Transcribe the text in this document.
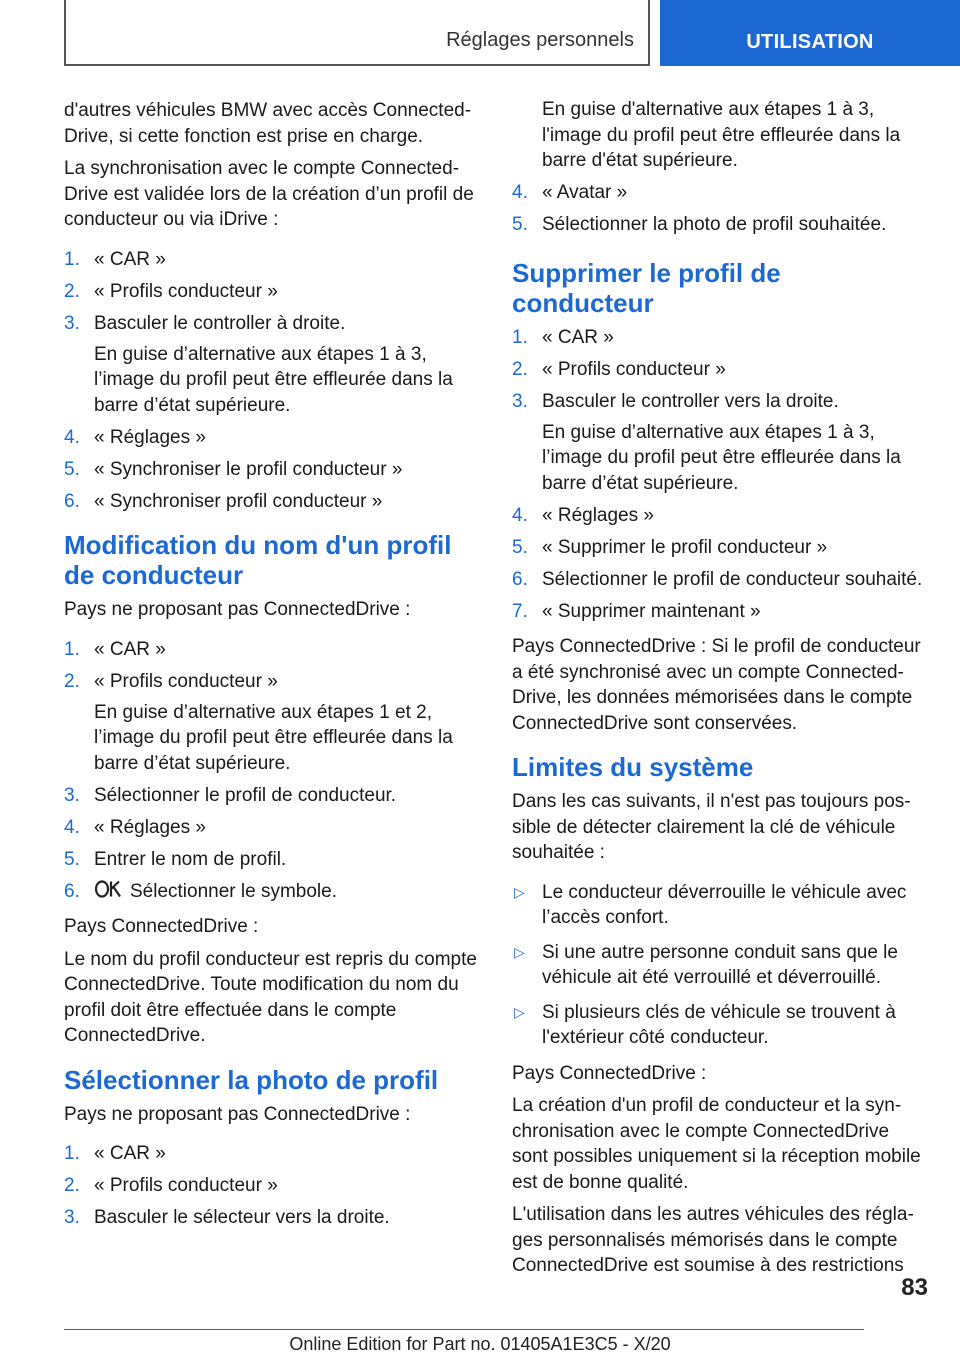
Réglages personnels	UTILISATION

d'autres véhicules BMW avec accès ConnectedDrive, si cette fonction est prise en charge.

La synchronisation avec le compte ConnectedDrive est validée lors de la création d’un profil de conducteur ou via iDrive :

1. « CAR »
2. « Profils conducteur »
3. Basculer le controller à droite.
En guise d’alternative aux étapes 1 à 3, l’image du profil peut être effleurée dans la barre d’état supérieure.
4. « Réglages »
5. « Synchroniser le profil conducteur »
6. « Synchroniser profil conducteur »
Modification du nom d'un profil de conducteur

Pays ne proposant pas ConnectedDrive :

1. « CAR »
2. « Profils conducteur »
En guise d’alternative aux étapes 1 et 2, l’image du profil peut être effleurée dans la barre d’état supérieure.
3. Sélectionner le profil de conducteur.
4. « Réglages »
5. Entrer le nom de profil.
6.	Sélectionner le symbole.

Pays ConnectedDrive :

Le nom du profil conducteur est repris du compte ConnectedDrive. Toute modification du nom du profil doit être effectuée dans le compte ConnectedDrive.

Sélectionner la photo de profil

Pays ne proposant pas ConnectedDrive :

1. « CAR »
2. « Profils conducteur »
3. Basculer le sélecteur vers la droite.
En guise d'alternative aux étapes 1 à 3, l'image du profil peut être effleurée dans la barre d'état supérieure.
4. « Avatar »
5. Sélectionner la photo de profil souhaitée.
Supprimer le profil de conducteur
1. « CAR »
2. « Profils conducteur »
3. Basculer le controller vers la droite.
En guise d’alternative aux étapes 1 à 3, l’image du profil peut être effleurée dans la barre d’état supérieure.
4. « Réglages »
5. « Supprimer le profil conducteur »
6. Sélectionner le profil de conducteur souhaité.
7. « Supprimer maintenant »

Pays ConnectedDrive : Si le profil de conducteur a été synchronisé avec un compte ConnectedDrive, les données mémorisées dans le compte ConnectedDrive sont conservées.

Limites du système

Dans les cas suivants, il n'est pas toujours possible de détecter clairement la clé de véhicule souhaitée :

▷ Le conducteur déverrouille le véhicule avec l’accès confort.
▷ Si une autre personne conduit sans que le véhicule ait été verrouillé et déverrouillé.
▷ Si plusieurs clés de véhicule se trouvent à l'extérieur côté conducteur.

Pays ConnectedDrive :

La création d'un profil de conducteur et la synchronisation avec le compte ConnectedDrive sont possibles uniquement si la réception mobile est de bonne qualité.

L'utilisation dans les autres véhicules des réglages personnalisés mémorisés dans le compte ConnectedDrive est soumise à des restrictions

83
Online Edition for Part no. 01405A1E3C5 - X/20
